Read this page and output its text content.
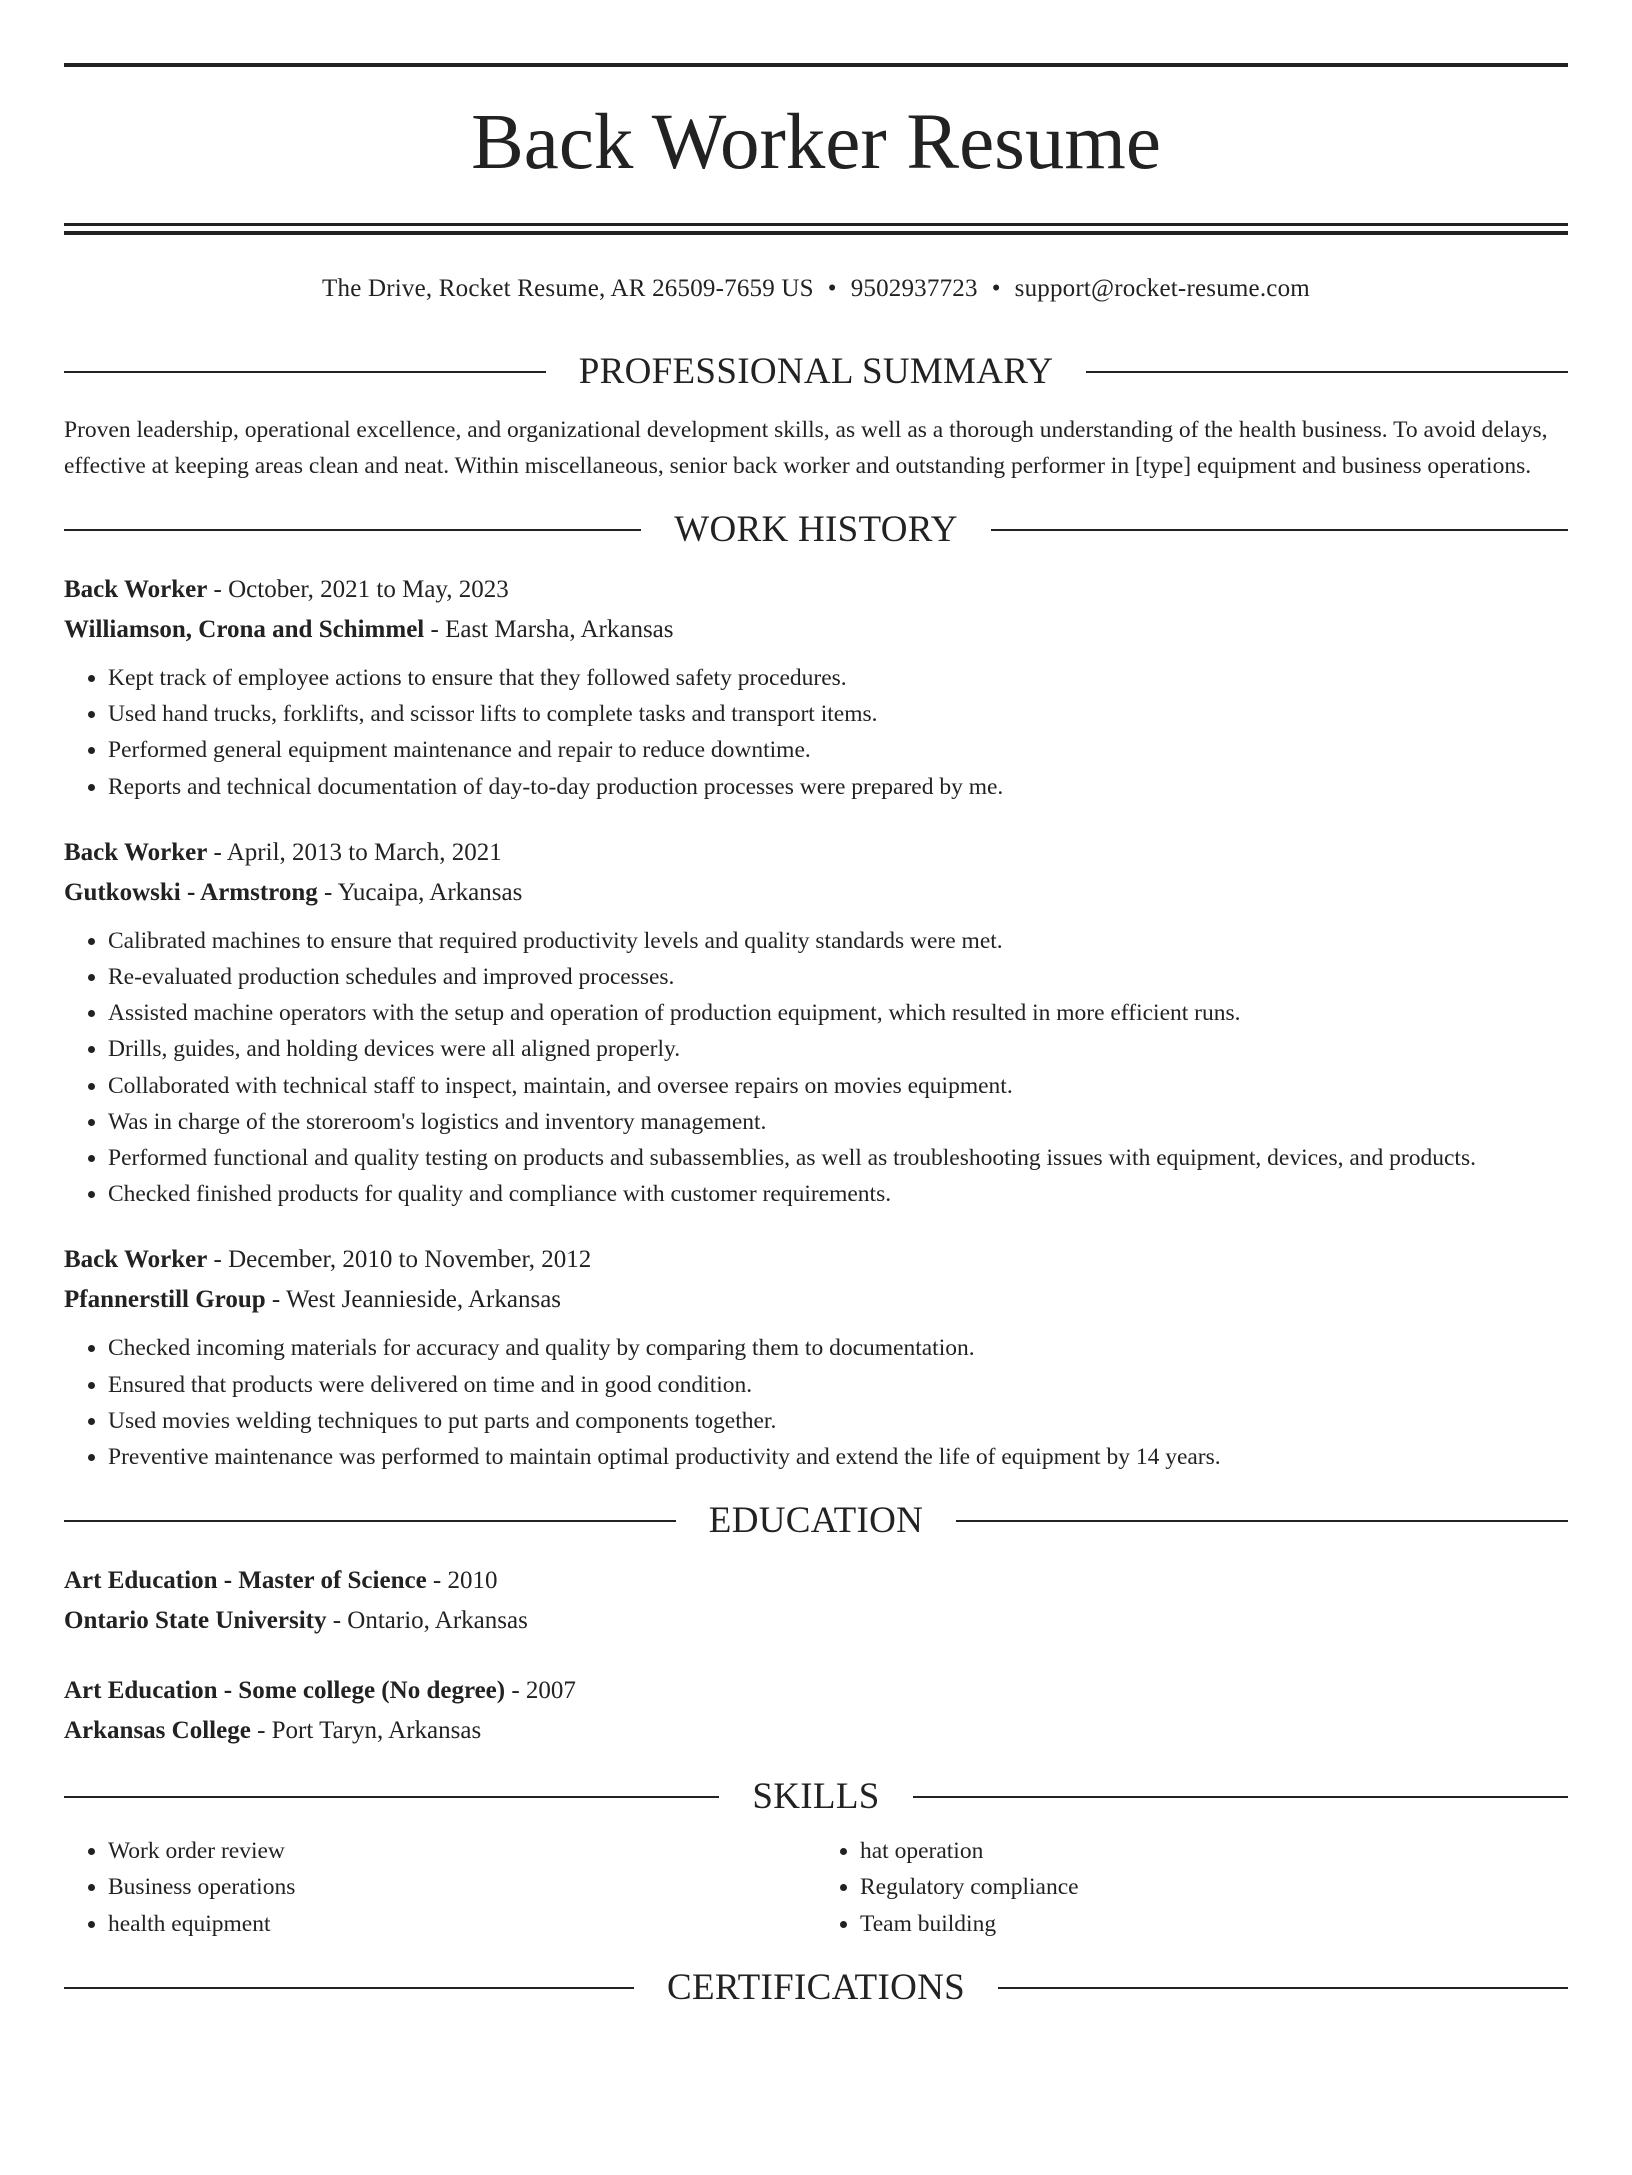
Back Worker Resume
The Drive, Rocket Resume, AR 26509-7659 US • 9502937723 • support@rocket-resume.com
PROFESSIONAL SUMMARY
Proven leadership, operational excellence, and organizational development skills, as well as a thorough understanding of the health business. To avoid delays, effective at keeping areas clean and neat. Within miscellaneous, senior back worker and outstanding performer in [type] equipment and business operations.
WORK HISTORY
Back Worker - October, 2021 to May, 2023
Williamson, Crona and Schimmel - East Marsha, Arkansas
• Kept track of employee actions to ensure that they followed safety procedures.
• Used hand trucks, forklifts, and scissor lifts to complete tasks and transport items.
• Performed general equipment maintenance and repair to reduce downtime.
• Reports and technical documentation of day-to-day production processes were prepared by me.
Back Worker - April, 2013 to March, 2021
Gutkowski - Armstrong - Yucaipa, Arkansas
• Calibrated machines to ensure that required productivity levels and quality standards were met.
• Re-evaluated production schedules and improved processes.
• Assisted machine operators with the setup and operation of production equipment, which resulted in more efficient runs.
• Drills, guides, and holding devices were all aligned properly.
• Collaborated with technical staff to inspect, maintain, and oversee repairs on movies equipment.
• Was in charge of the storeroom's logistics and inventory management.
• Performed functional and quality testing on products and subassemblies, as well as troubleshooting issues with equipment, devices, and products.
• Checked finished products for quality and compliance with customer requirements.
Back Worker - December, 2010 to November, 2012
Pfannerstill Group - West Jeannieside, Arkansas
• Checked incoming materials for accuracy and quality by comparing them to documentation.
• Ensured that products were delivered on time and in good condition.
• Used movies welding techniques to put parts and components together.
• Preventive maintenance was performed to maintain optimal productivity and extend the life of equipment by 14 years.
EDUCATION
Art Education - Master of Science - 2010
Ontario State University - Ontario, Arkansas
Art Education - Some college (No degree) - 2007
Arkansas College - Port Taryn, Arkansas
SKILLS
• Work order review
• Business operations
• health equipment
• hat operation
• Regulatory compliance
• Team building
CERTIFICATIONS
